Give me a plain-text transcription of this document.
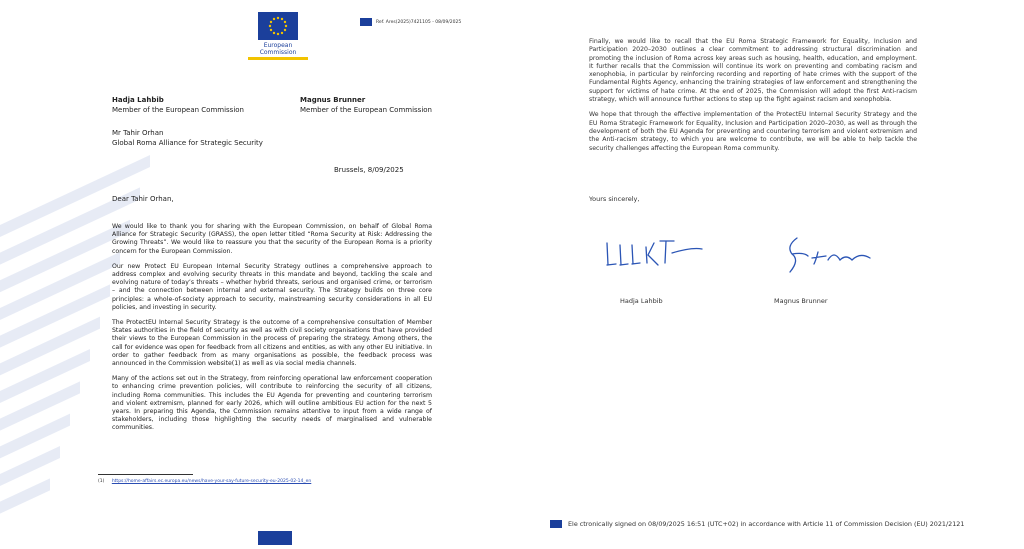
European
Commission
Ref. Ares(2025)7421105 - 08/09/2025
Hadja Lahbib
Member of the European Commission
Magnus Brunner
Member of the European Commission
Mr Tahir Orhan
Global Roma Alliance for Strategic Security
Brussels, 8/09/2025
Dear Tahir Orhan,

We would like to thank you for sharing with the European Commission, on behalf of Global Roma Alliance for Strategic Security (GRASS), the open letter titled “Roma Security at Risk: Addressing the Growing Threats”. We would like to reassure you that the security of the European Roma is a priority concern for the European Commission.

Our new Protect EU European Internal Security Strategy outlines a comprehensive approach to address complex and evolving security threats in this mandate and beyond, tackling the scale and evolving nature of today’s threats – whether hybrid threats, serious and organised crime, or terrorism – and the connection between internal and external security. The Strategy builds on three core principles: a whole-of-society approach to security, mainstreaming security considerations in all EU policies, and investing in security.

The ProtectEU Internal Security Strategy is the outcome of a comprehensive consultation of Member States authorities in the field of security as well as with civil society organisations that have provided their views to the European Commission in the process of preparing the strategy. Among others, the call for evidence was open for feedback from all citizens and entities, as with any other EU initiative. In order to gather feedback from as many organisations as possible, the feedback process was announced in the Commission website(1) as well as via social media channels.

Many of the actions set out in the Strategy, from reinforcing operational law enforcement cooperation to enhancing crime prevention policies, will contribute to reinforcing the security of all citizens, including Roma communities. This includes the EU Agenda for preventing and countering terrorism and violent extremism, planned for early 2026, which will outline ambitious EU action for the next 5 years. In preparing this Agenda, the Commission remains attentive to input from a wide range of stakeholders, including those highlighting the security needs of marginalised and vulnerable communities.

(1) https://home-affairs.ec.europa.eu/news/have-your-say-future-security-eu-2025-02-14_en

Finally, we would like to recall that the EU Roma Strategic Framework for Equality, Inclusion and Participation 2020–2030 outlines a clear commitment to addressing structural discrimination and promoting the inclusion of Roma across key areas such as housing, health, education, and employment. It further recalls that the Commission will continue its work on preventing and combating racism and xenophobia, in particular by reinforcing recording and reporting of hate crimes with the support of the Fundamental Rights Agency, enhancing the training strategies of law enforcement and strengthening the support for victims of hate crime. At the end of 2025, the Commission will adopt the first Anti-racism strategy, which will announce further actions to step up the fight against racism and xenophobia.

We hope that through the effective implementation of the ProtectEU Internal Security Strategy and the EU Roma Strategic Framework for Equality, Inclusion and Participation 2020–2030, as well as through the development of both the EU Agenda for preventing and countering terrorism and violent extremism and the Anti-racism strategy, to which you are welcome to contribute, we will be able to help tackle the security challenges affecting the European Roma community.

Yours sincerely,
Hadja Lahbib	Magnus Brunner
Ele ctronically signed on 08/09/2025 16:51 (UTC+02) in accordance with Article 11 of Commission Decision (EU) 2021/2121
